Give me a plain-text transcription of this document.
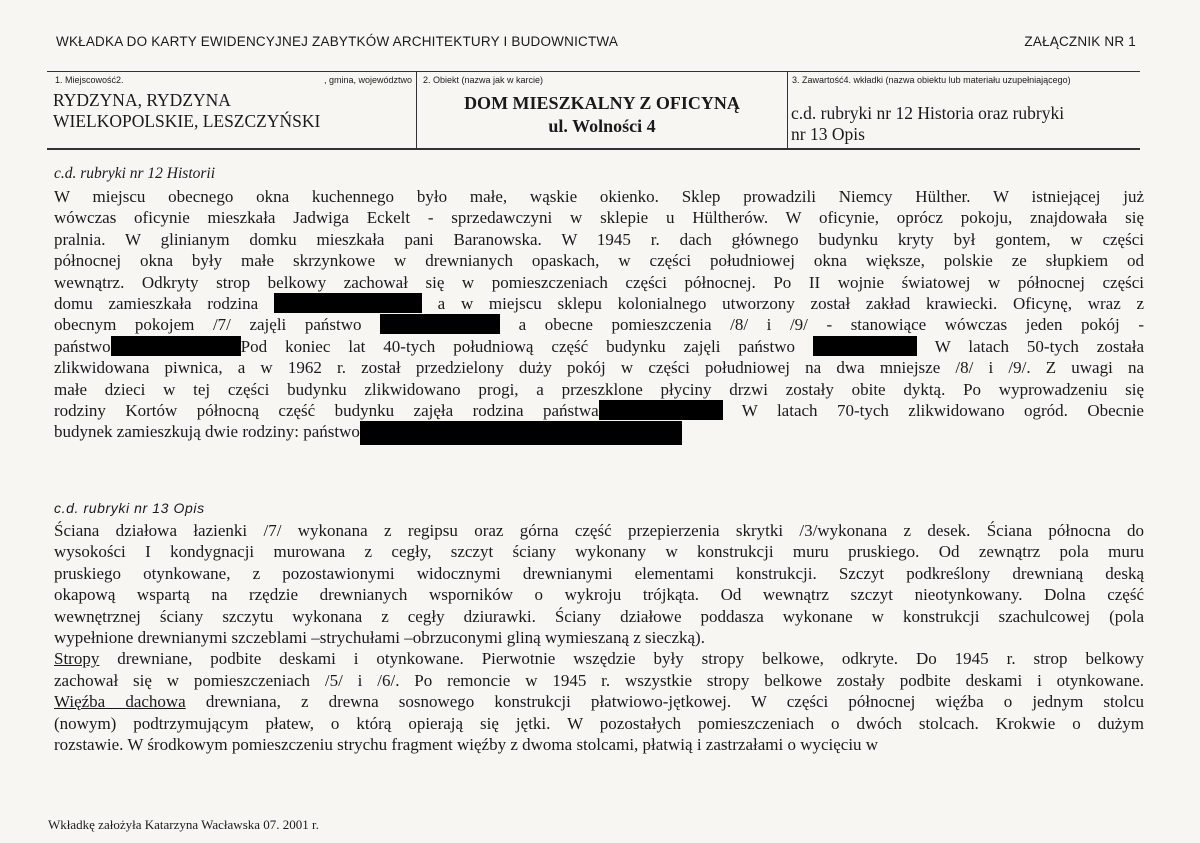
WKŁADKA DO KARTY EWIDENCYJNEJ ZABYTKÓW ARCHITEKTURY I BUDOWNICTWA	ZAŁĄCZNIK NR 1
1. Miejscowość2.	, gmina, województwo
RYDZYNA, RYDZYNA
WIELKOPOLSKIE, LESZCZYŃSKI
2. Obiekt (nazwa jak w karcie)
DOM MIESZKALNY Z OFICYNĄ
ul. Wolności 4
3. Zawartość4. wkładki (nazwa obiektu lub materiału uzupełniającego)
c.d. rubryki nr 12 Historia oraz rubryki
nr 13 Opis
c.d. rubryki nr 12 Historii
W miejscu obecnego okna kuchennego było małe, wąskie okienko. Sklep prowadzili Niemcy Hülther. W istniejącej już
wówczas oficynie mieszkała Jadwiga Eckelt - sprzedawczyni w sklepie u Hültherów. W oficynie, oprócz pokoju, znajdowała się
pralnia. W glinianym domku mieszkała pani Baranowska. W 1945 r. dach głównego budynku kryty był gontem, w części
północnej okna były małe skrzynkowe w drewnianych opaskach, w części południowej okna większe, polskie ze słupkiem od
wewnątrz. Odkryty strop belkowy zachował się w pomieszczeniach części północnej. Po II wojnie światowej w północnej części
domu zamieszkała rodzina	a w miejscu sklepu kolonialnego utworzony został zakład krawiecki. Oficynę, wraz z
obecnym pokojem /7/ zajęli państwo	a obecne pomieszczenia /8/ i /9/ - stanowiące wówczas jeden pokój -
państwo	Pod koniec lat 40-tych południową część budynku zajęli państwo	W latach 50-tych została
zlikwidowana piwnica, a w 1962 r. został przedzielony duży pokój w części południowej na dwa mniejsze /8/ i /9/. Z uwagi na
małe dzieci w tej części budynku zlikwidowano progi, a przeszklone płyciny drzwi zostały obite dyktą. Po wyprowadzeniu się
rodziny Kortów północną część budynku zajęła rodzina państwa	W latach 70-tych zlikwidowano ogród. Obecnie
budynek zamieszkują dwie rodziny: państwo
c.d. rubryki nr 13 Opis
Ściana działowa łazienki /7/ wykonana z regipsu oraz górna część przepierzenia skrytki /3/wykonana z desek. Ściana północna do
wysokości I kondygnacji murowana z cegły, szczyt ściany wykonany w konstrukcji muru pruskiego. Od zewnątrz pola muru
pruskiego otynkowane, z pozostawionymi widocznymi drewnianymi elementami konstrukcji. Szczyt podkreślony drewnianą deską
okapową wspartą na rzędzie drewnianych wsporników o wykroju trójkąta. Od wewnątrz szczyt nieotynkowany. Dolna część
wewnętrznej ściany szczytu wykonana z cegły dziurawki. Ściany działowe poddasza wykonane w konstrukcji szachulcowej (pola
wypełnione drewnianymi szczeblami –strychułami –obrzuconymi gliną wymieszaną z sieczką).
Stropy drewniane, podbite deskami i otynkowane. Pierwotnie wszędzie były stropy belkowe, odkryte. Do 1945 r. strop belkowy
zachował się w pomieszczeniach /5/ i /6/. Po remoncie w 1945 r. wszystkie stropy belkowe zostały podbite deskami i otynkowane.
Więźba dachowa drewniana, z drewna sosnowego konstrukcji płatwiowo-jętkowej. W części północnej więźba o jednym stolcu
(nowym) podtrzymującym płatew, o którą opierają się jętki. W pozostałych pomieszczeniach o dwóch stolcach. Krokwie o dużym
rozstawie. W środkowym pomieszczeniu strychu fragment więźby z dwoma stolcami, płatwią i zastrzałami o wycięciu w
Wkładkę założyła Katarzyna Wacławska 07. 2001 r.
